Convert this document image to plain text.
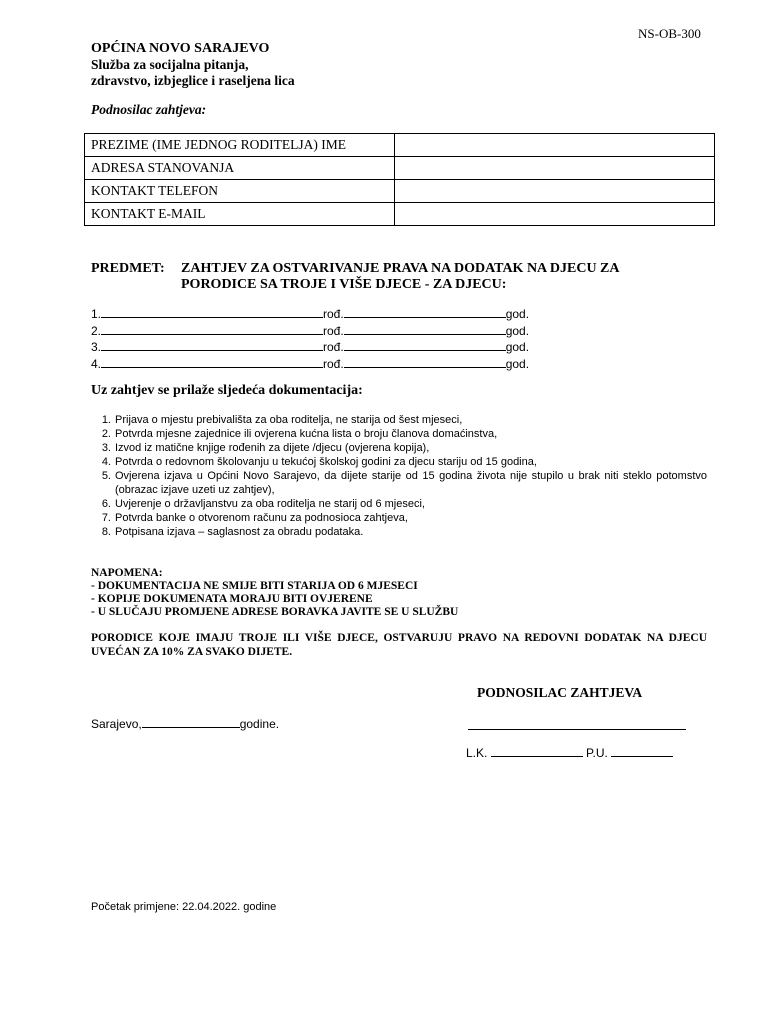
NS-OB-300
OPĆINA NOVO SARAJEVO
Služba za socijalna pitanja,
zdravstvo, izbjeglice i raseljena lica
Podnosilac zahtjeva:
PREZIME (IME JEDNOG RODITELJA) IME	
ADRESA STANOVANJA	
KONTAKT TELEFON	
KONTAKT E-MAIL	
PREDMET: ZAHTJEV ZA OSTVARIVANJE PRAVA NA DODATAK NA DJECU ZA
PORODICE SA TROJE I VIŠE DJECE - ZA DJECU:
1.	rođ.	god.
2.	rođ.	god.
3.	rođ.	god.
4.	rođ.	god.
Uz zahtjev se prilaže sljedeća dokumentacija:
1. Prijava o mjestu prebivališta za oba roditelja, ne starija od šest mjeseci,
2. Potvrda mjesne zajednice ili ovjerena kućna lista o broju članova domaćinstva,
3. Izvod iz matične knjige rođenih za dijete /djecu (ovjerena kopija),
4. Potvrda o redovnom školovanju u tekućoj školskoj godini za djecu stariju od 15 godina,
5. Ovjerena izjava u Općini Novo Sarajevo, da dijete starije od 15 godina života nije stupilo u brak niti steklo potomstvo (obrazac izjave uzeti uz zahtjev),
6. Uvjerenje o državljanstvu za oba roditelja ne starij od 6 mjeseci,
7. Potvrda banke o otvorenom računu za podnosioca zahtjeva,
8. Potpisana izjava – saglasnost za obradu podataka.
NAPOMENA:
- DOKUMENTACIJA NE SMIJE BITI STARIJA OD 6 MJESECI
- KOPIJE DOKUMENATA MORAJU BITI OVJERENE
- U SLUČAJU PROMJENE ADRESE BORAVKA JAVITE SE U SLUŽBU
PORODICE KOJE IMAJU TROJE ILI VIŠE DJECE, OSTVARUJU PRAVO NA REDOVNI DODATAK NA DJECU UVEĆAN ZA 10% ZA SVAKO DIJETE.
PODNOSILAC ZAHTJEVA
Sarajevo,	godine.
L.K.	P.U.
Početak primjene: 22.04.2022. godine
